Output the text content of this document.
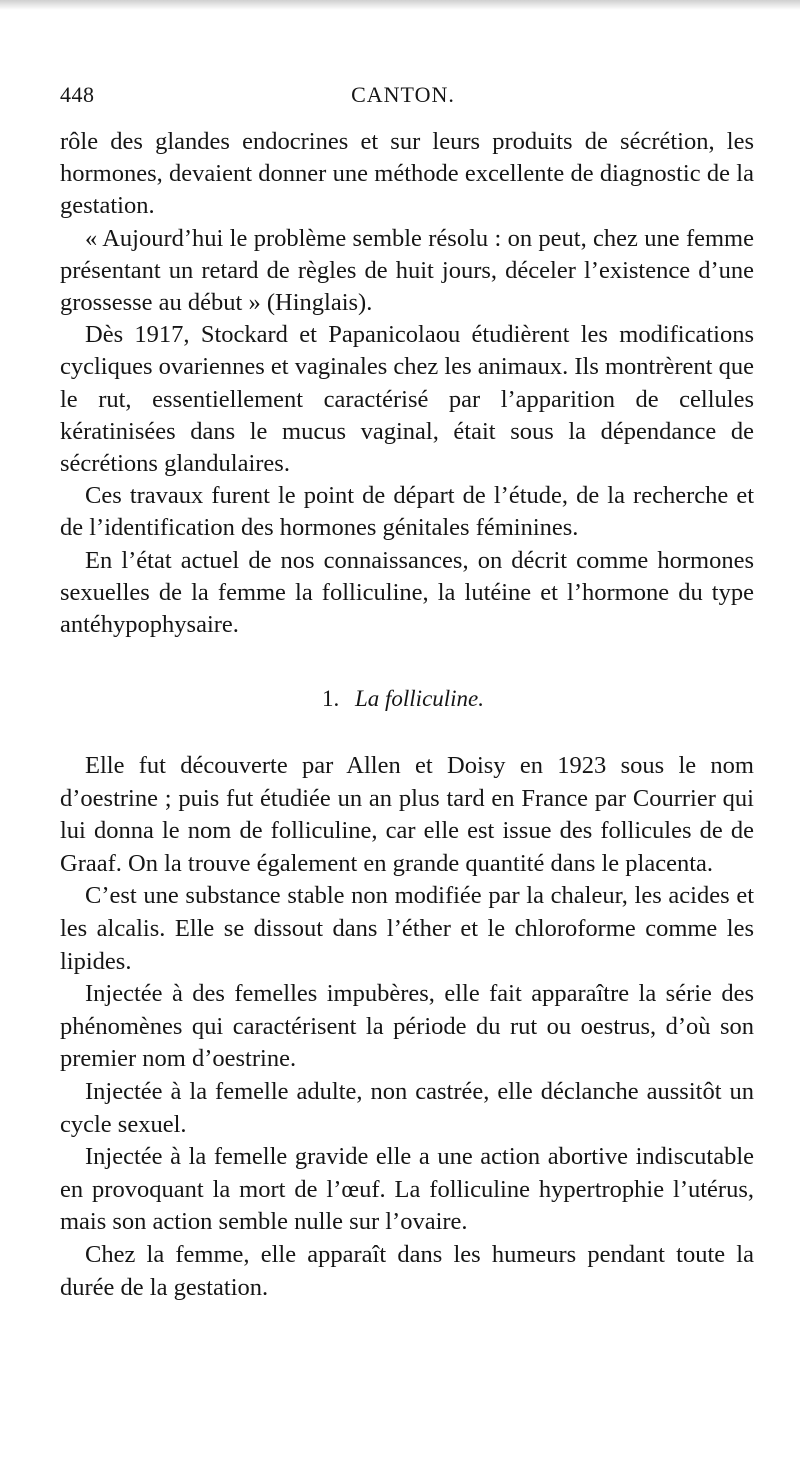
448	CANTON.

rôle des glandes endocrines et sur leurs produits de sécrétion, les hormones, devaient donner une méthode excellente de diagnostic de la gestation.

« Aujourd’hui le problème semble résolu : on peut, chez une femme présentant un retard de règles de huit jours, déceler l’existence d’une grossesse au début » (Hinglais).

Dès 1917, Stockard et Papanicolaou étudièrent les modifications cycliques ovariennes et vaginales chez les animaux. Ils montrèrent que le rut, essentiellement caractérisé par l’apparition de cellules kératinisées dans le mucus vaginal, était sous la dépendance de sécrétions glandulaires.

Ces travaux furent le point de départ de l’étude, de la recherche et de l’identification des hormones génitales féminines.

En l’état actuel de nos connaissances, on décrit comme hormones sexuelles de la femme la folliculine, la lutéine et l’hormone du type antéhypophysaire.

1. La folliculine.

Elle fut découverte par Allen et Doisy en 1923 sous le nom d’oestrine ; puis fut étudiée un an plus tard en France par Courrier qui lui donna le nom de folliculine, car elle est issue des follicules de de Graaf. On la trouve également en grande quantité dans le placenta.

C’est une substance stable non modifiée par la chaleur, les acides et les alcalis. Elle se dissout dans l’éther et le chloroforme comme les lipides.

Injectée à des femelles impubères, elle fait apparaître la série des phénomènes qui caractérisent la période du rut ou oestrus, d’où son premier nom d’oestrine.

Injectée à la femelle adulte, non castrée, elle déclanche aussitôt un cycle sexuel.

Injectée à la femelle gravide elle a une action abortive indiscutable en provoquant la mort de l’œuf. La folliculine hypertrophie l’utérus, mais son action semble nulle sur l’ovaire.

Chez la femme, elle apparaît dans les humeurs pendant toute la durée de la gestation.
